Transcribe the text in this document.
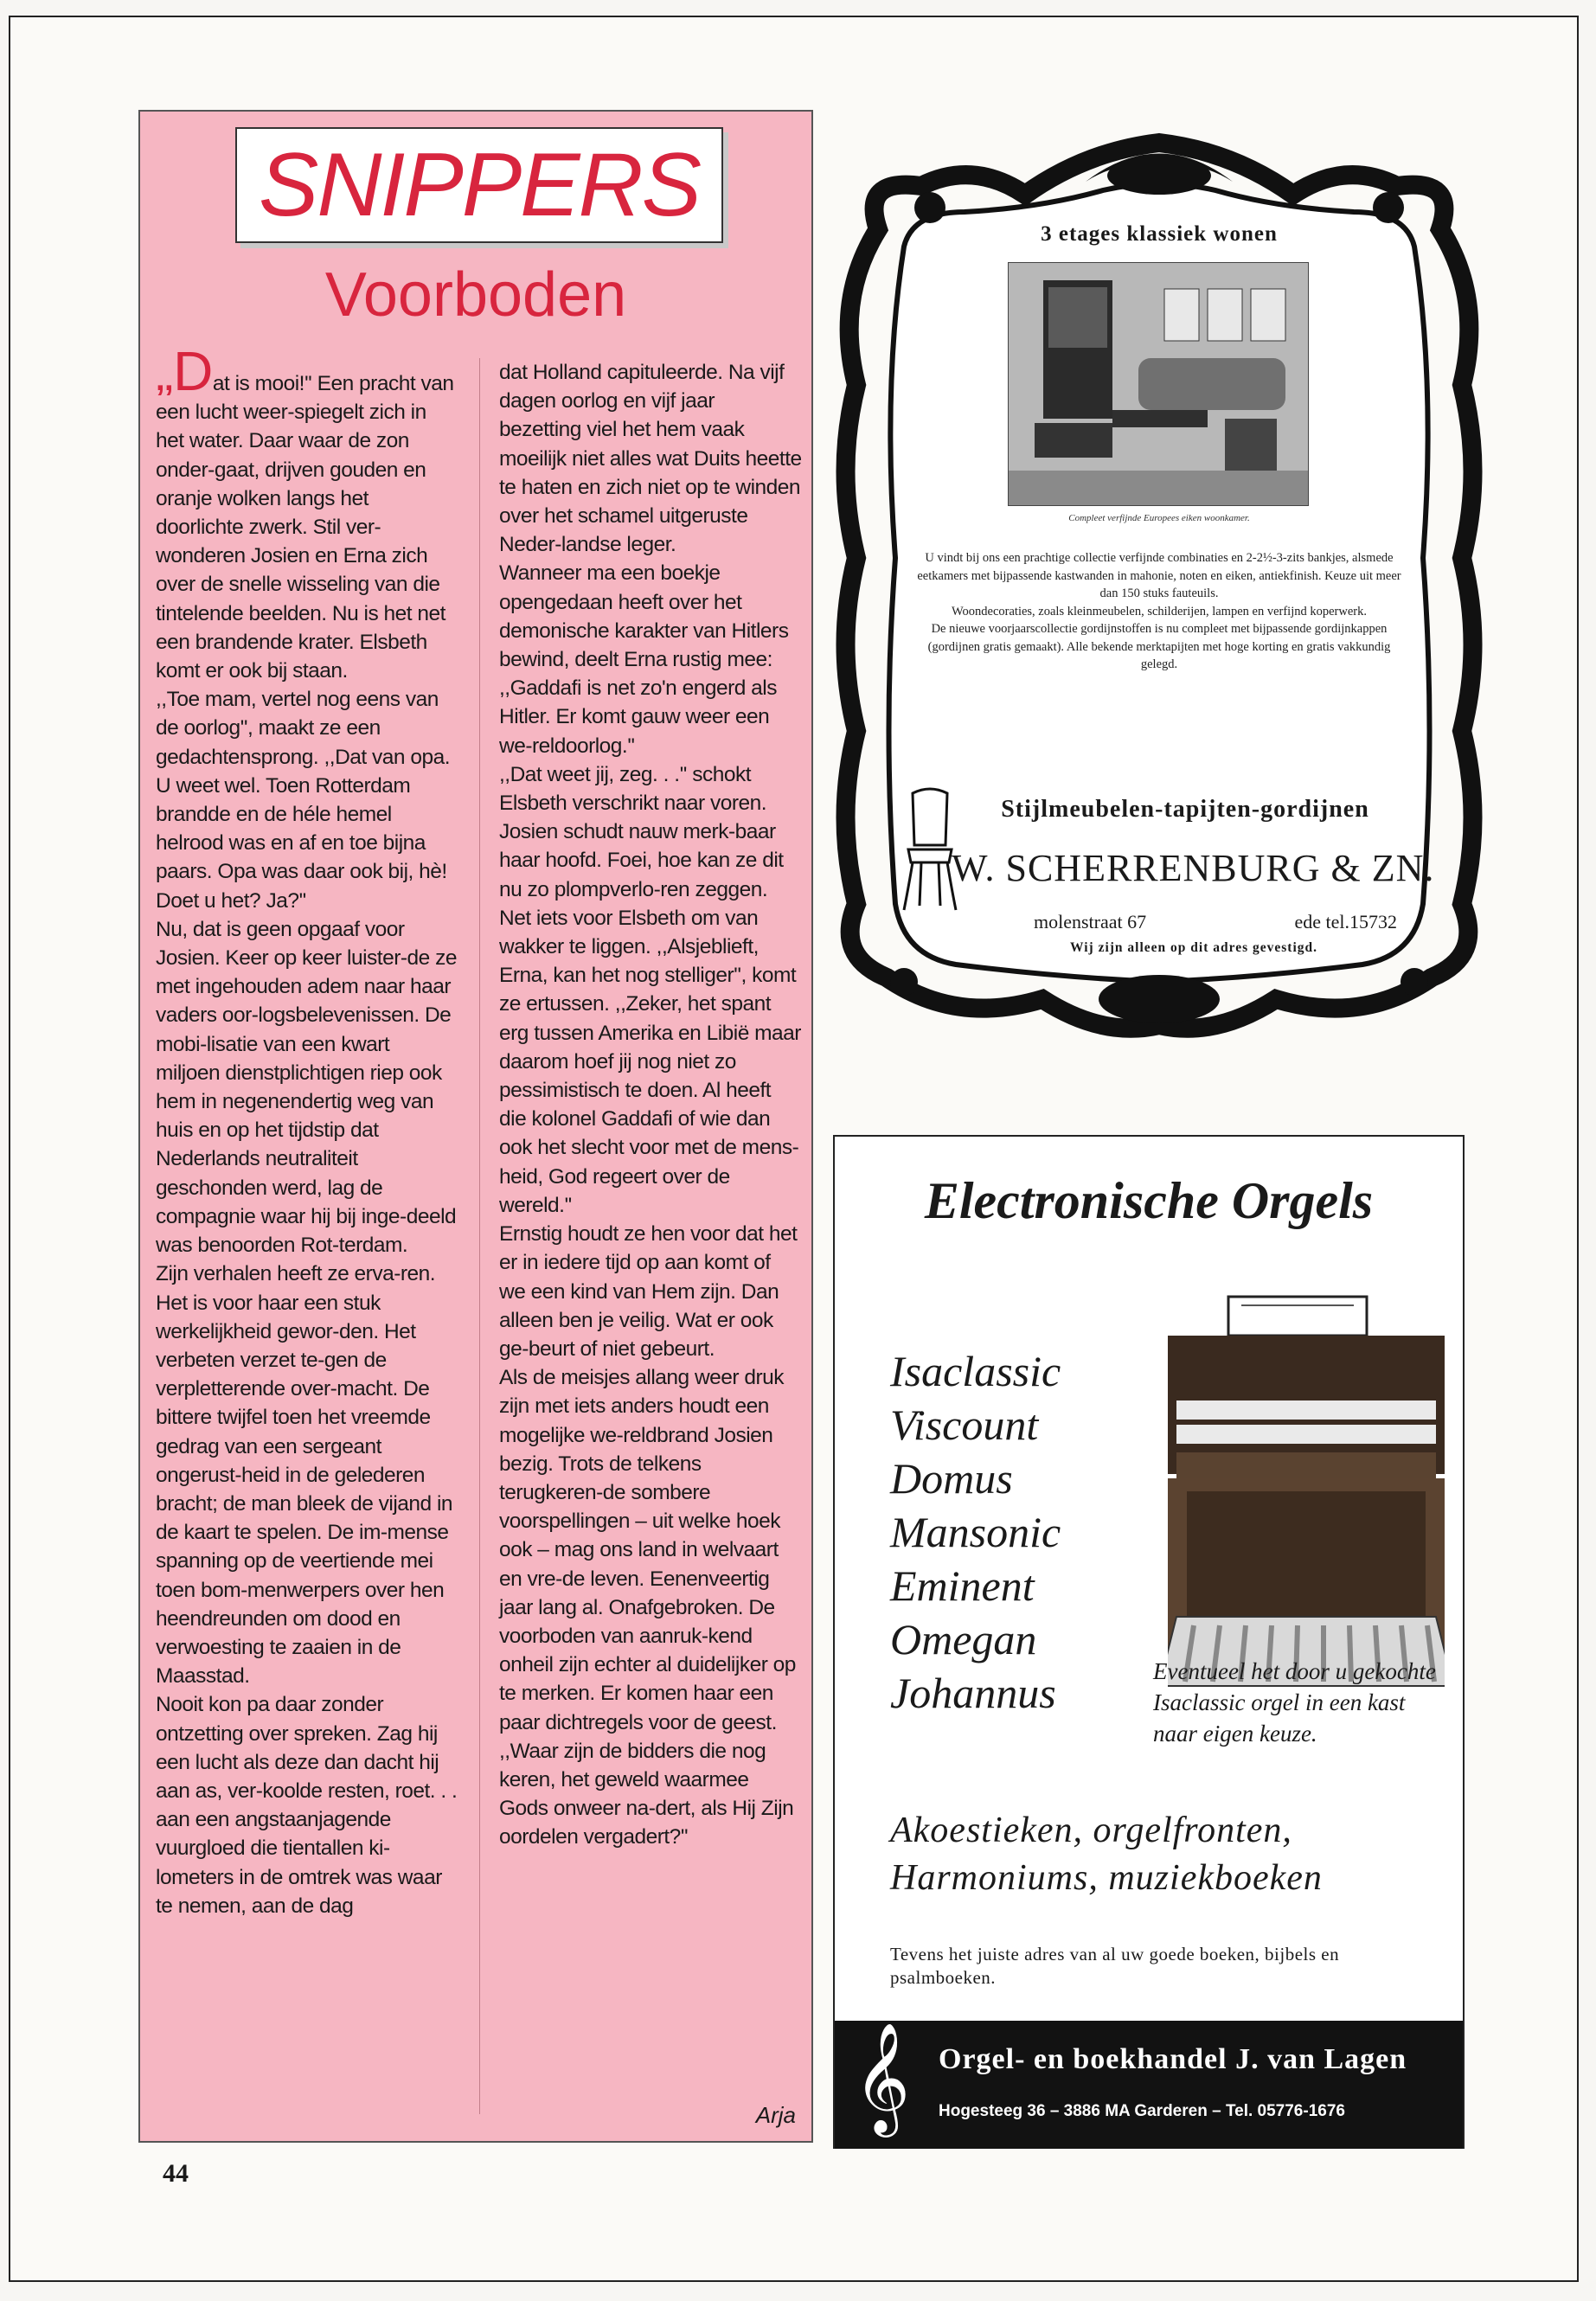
SNIPPERS
Voorboden

,,Dat is mooi!'' Een pracht van een lucht weer-spiegelt zich in het water. Daar waar de zon onder-gaat, drijven gouden en oranje wolken langs het doorlichte zwerk. Stil ver-wonderen Josien en Erna zich over de snelle wisseling van die tintelende beelden. Nu is het net een brandende krater. Elsbeth komt er ook bij staan.

,,Toe mam, vertel nog eens van de oorlog'', maakt ze een gedachtensprong. ,,Dat van opa. U weet wel. Toen Rotterdam brandde en de héle hemel helrood was en af en toe bijna paars. Opa was daar ook bij, hè! Doet u het? Ja?''

Nu, dat is geen opgaaf voor Josien. Keer op keer luister-de ze met ingehouden adem naar haar vaders oor-logsbelevenissen. De mobi-lisatie van een kwart miljoen dienstplichtigen riep ook hem in negenendertig weg van huis en op het tijdstip dat Nederlands neutraliteit geschonden werd, lag de compagnie waar hij bij inge-deeld was benoorden Rot-terdam.

Zijn verhalen heeft ze erva-ren. Het is voor haar een stuk werkelijkheid gewor-den. Het verbeten verzet te-gen de verpletterende over-macht. De bittere twijfel toen het vreemde gedrag van een sergeant ongerust-heid in de gelederen bracht; de man bleek de vijand in de kaart te spelen. De im-mense spanning op de veertiende mei toen bom-menwerpers over hen heendreunden om dood en verwoesting te zaaien in de Maasstad.

Nooit kon pa daar zonder ontzetting over spreken. Zag hij een lucht als deze dan dacht hij aan as, ver-koolde resten, roet. . . aan een angstaanjagende vuurgloed die tientallen ki-lometers in de omtrek was waar te nemen, aan de dag

dat Holland capituleerde. Na vijf dagen oorlog en vijf jaar bezetting viel het hem vaak moeilijk niet alles wat Duits heette te haten en zich niet op te winden over het schamel uitgeruste Neder-landse leger.

Wanneer ma een boekje opengedaan heeft over het demonische karakter van Hitlers bewind, deelt Erna rustig mee: ,,Gaddafi is net zo'n engerd als Hitler. Er komt gauw weer een we-reldoorlog.''

,,Dat weet jij, zeg. . .'' schokt Elsbeth verschrikt naar voren.

Josien schudt nauw merk-baar haar hoofd. Foei, hoe kan ze dit nu zo plompverlo-ren zeggen. Net iets voor Elsbeth om van wakker te liggen. ,,Alsjeblieft, Erna, kan het nog stelliger'', komt ze ertussen. ,,Zeker, het spant erg tussen Amerika en Libië maar daarom hoef jij nog niet zo pessimistisch te doen. Al heeft die kolonel Gaddafi of wie dan ook het slecht voor met de mens-heid, God regeert over de wereld.''

Ernstig houdt ze hen voor dat het er in iedere tijd op aan komt of we een kind van Hem zijn. Dan alleen ben je veilig. Wat er ook ge-beurt of niet gebeurt.

Als de meisjes allang weer druk zijn met iets anders houdt een mogelijke we-reldbrand Josien bezig. Trots de telkens terugkeren-de sombere voorspellingen – uit welke hoek ook – mag ons land in welvaart en vre-de leven. Eenenveertig jaar lang al. Onafgebroken. De voorboden van aanruk-kend onheil zijn echter al duidelijker op te merken. Er komen haar een paar dichtregels voor de geest. ,,Waar zijn de bidders die nog keren, het geweld waarmee Gods onweer na-dert, als Hij Zijn oordelen vergadert?''

Arja
3 etages klassiek wonen
Compleet verfijnde Europees eiken woonkamer.

U vindt bij ons een prachtige collectie verfijnde combinaties en 2-2½-3-zits bankjes, alsmede eetkamers met bijpassende kastwanden in mahonie, noten en eiken, antiekfinish. Keuze uit meer dan 150 stuks fauteuils.

Woondecoraties, zoals kleinmeubelen, schilderijen, lampen en verfijnd koperwerk.

De nieuwe voorjaarscollectie gordijnstoffen is nu compleet met bijpassende gordijnkappen (gordijnen gratis gemaakt). Alle bekende merktapijten met hoge korting en gratis vakkundig gelegd.

Stijlmeubelen-tapijten-gordijnen
W. SCHERRENBURG & ZN.
molenstraat 67	ede tel.15732
Wij zijn alleen op dit adres gevestigd.
Electronische Orgels
Isaclassic
Viscount
Domus
Mansonic
Eminent
Omegan
Johannus	Eventueel het door u gekochte Isaclassic orgel in een kast naar eigen keuze.
Akoestieken, orgelfronten,
Harmoniums, muziekboeken
Tevens het juiste adres van al uw goede boeken, bijbels en psalmboeken.
𝄞 Orgel- en boekhandel J. van Lagen
Hogesteeg 36 – 3886 MA Garderen – Tel. 05776-1676
44
